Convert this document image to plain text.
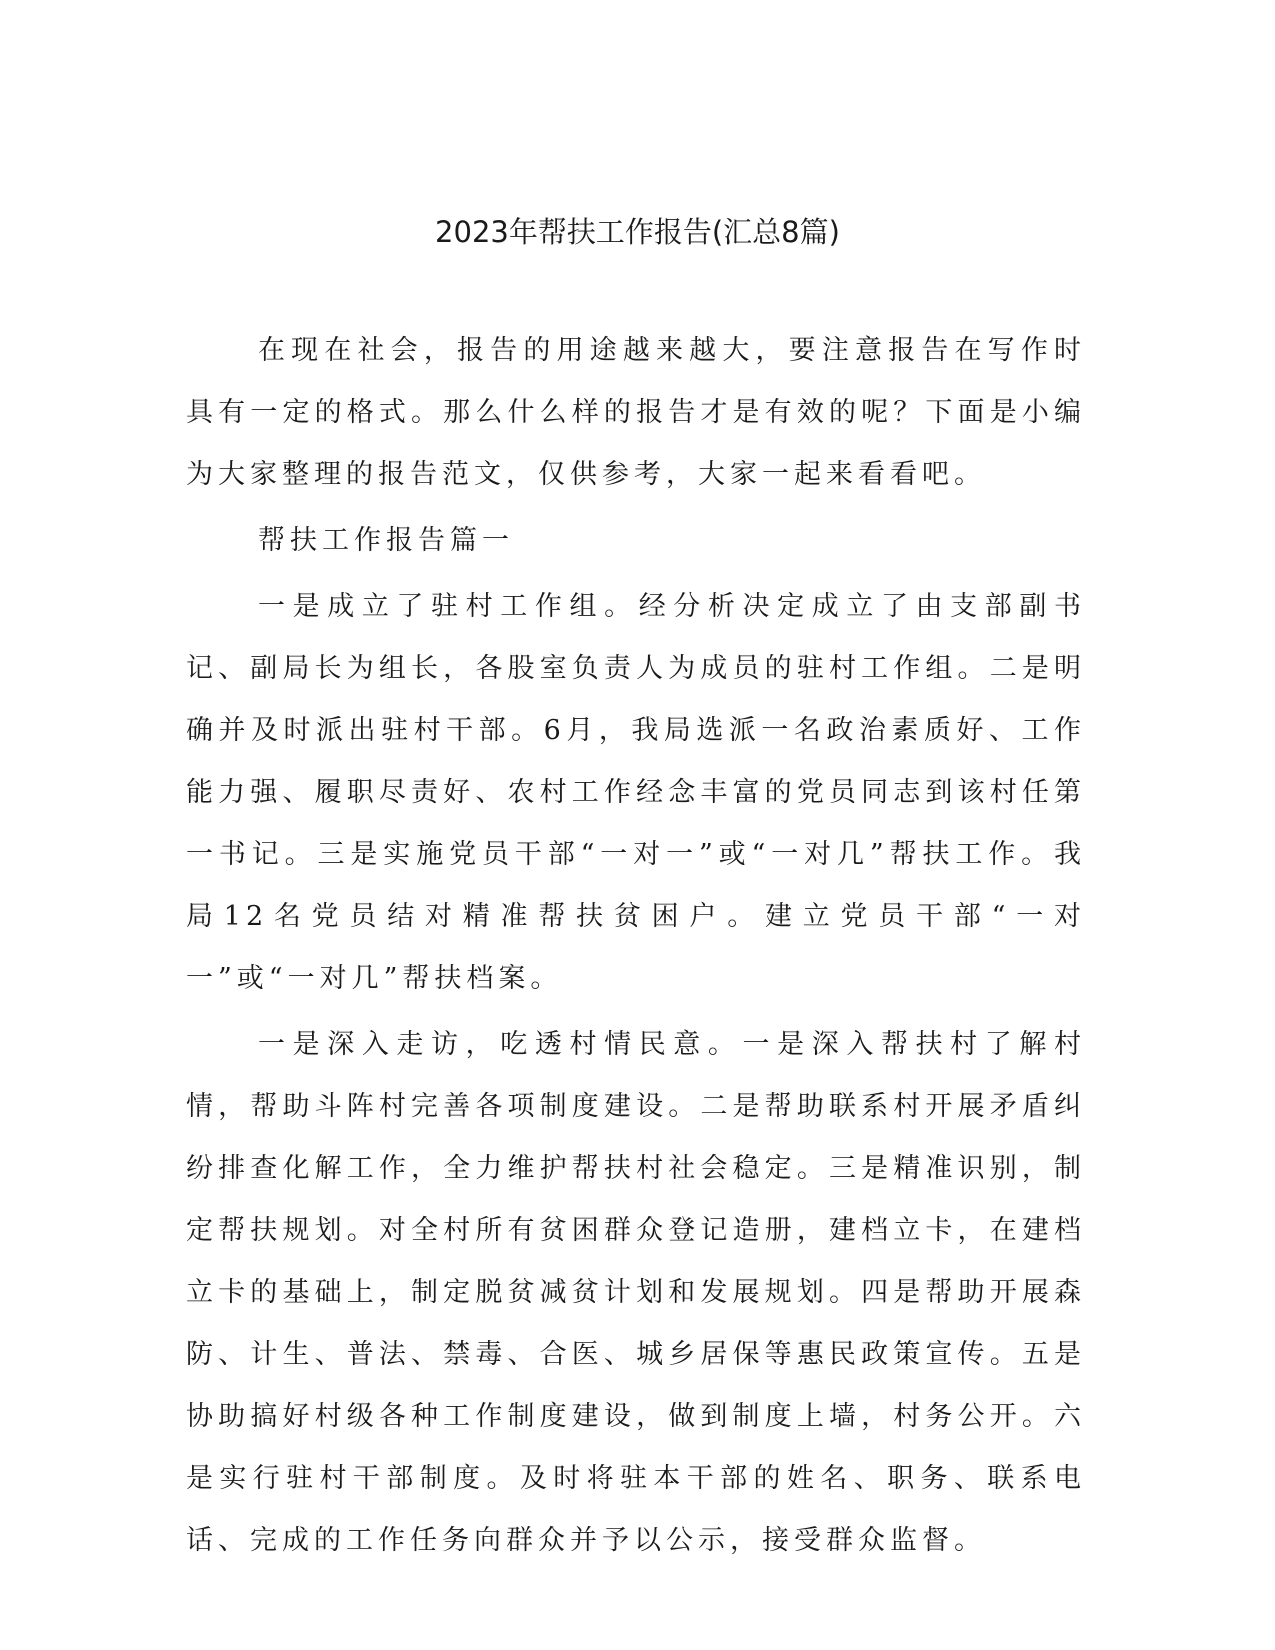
2023年帮扶工作报告(汇总8篇)

在现在社会，报告的用途越来越大，要注意报告在写作时具有一定的格式。那么什么样的报告才是有效的呢？下面是小编为大家整理的报告范文，仅供参考，大家一起来看看吧。

帮扶工作报告篇一

一是成立了驻村工作组。经分析决定成立了由支部副书记、副局长为组长，各股室负责人为成员的驻村工作组。二是明确并及时派出驻村干部。6月，我局选派一名政治素质好、工作能力强、履职尽责好、农村工作经念丰富的党员同志到该村任第一书记。三是实施党员干部“一对一”或“一对几”帮扶工作。我局12名党员结对精准帮扶贫困户。建立党员干部“一对一”或“一对几”帮扶档案。

一是深入走访，吃透村情民意。一是深入帮扶村了解村情，帮助斗阵村完善各项制度建设。二是帮助联系村开展矛盾纠纷排查化解工作，全力维护帮扶村社会稳定。三是精准识别，制定帮扶规划。对全村所有贫困群众登记造册，建档立卡，在建档立卡的基础上，制定脱贫减贫计划和发展规划。四是帮助开展森防、计生、普法、禁毒、合医、城乡居保等惠民政策宣传。五是协助搞好村级各种工作制度建设，做到制度上墙，村务公开。六是实行驻村干部制度。及时将驻本干部的姓名、职务、联系电话、完成的工作任务向群众并予以公示，接受群众监督。
